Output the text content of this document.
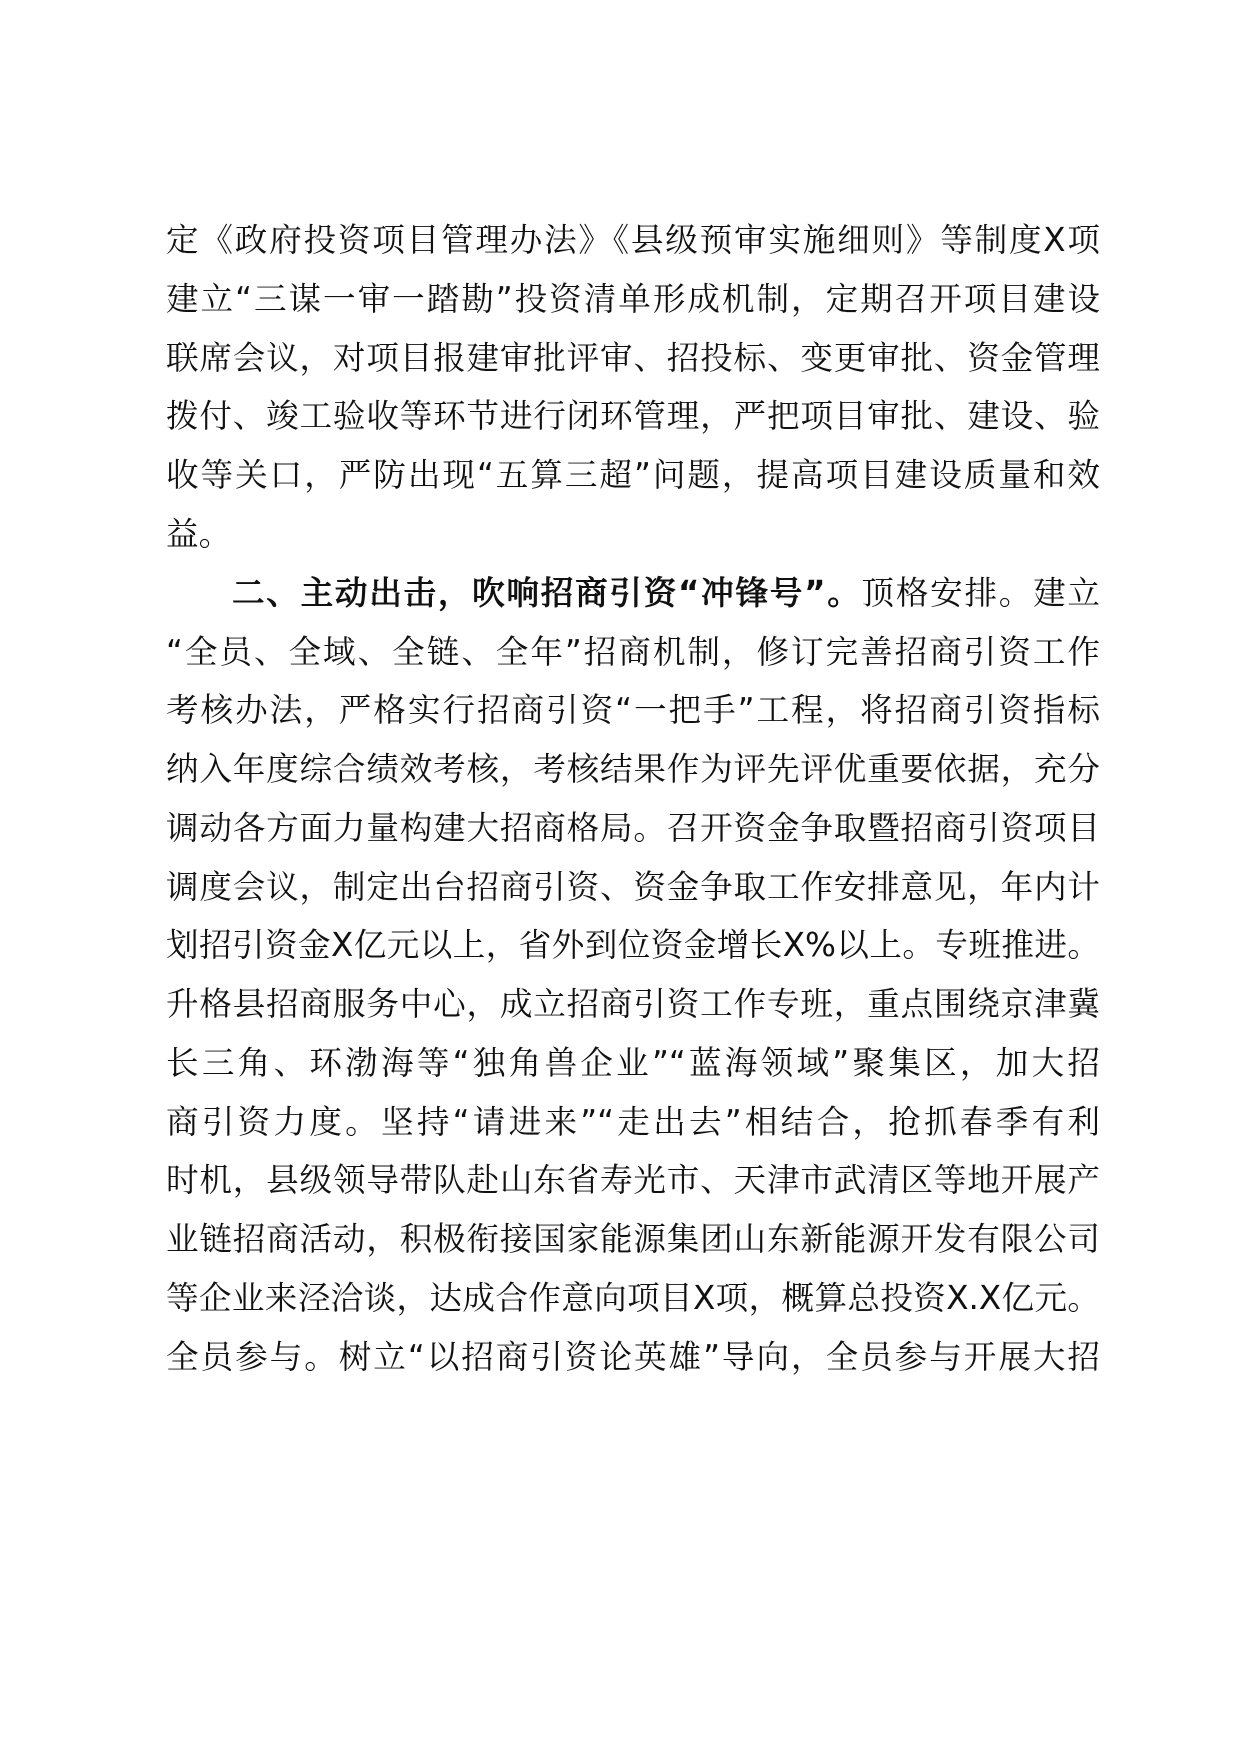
定《政府投资项目管理办法》《县级预审实施细则》等制度X项
建立“三谋一审一踏勘”投资清单形成机制，定期召开项目建设
联席会议，对项目报建审批评审、招投标、变更审批、资金管理
拨付、竣工验收等环节进行闭环管理，严把项目审批、建设、验
收等关口，严防出现“五算三超”问题，提高项目建设质量和效
益。
二、主动出击，吹响招商引资“冲锋号”。顶格安排。建立
“全员、全域、全链、全年”招商机制，修订完善招商引资工作
考核办法，严格实行招商引资“一把手”工程，将招商引资指标
纳入年度综合绩效考核，考核结果作为评先评优重要依据，充分
调动各方面力量构建大招商格局。召开资金争取暨招商引资项目
调度会议，制定出台招商引资、资金争取工作安排意见，年内计
划招引资金X亿元以上，省外到位资金增长X%以上。专班推进。
升格县招商服务中心，成立招商引资工作专班，重点围绕京津冀
长三角、环渤海等“独角兽企业”“蓝海领域”聚集区，加大招
商引资力度。坚持“请进来”“走出去”相结合，抢抓春季有利
时机，县级领导带队赴山东省寿光市、天津市武清区等地开展产
业链招商活动，积极衔接国家能源集团山东新能源开发有限公司
等企业来泾洽谈，达成合作意向项目X项，概算总投资X.X亿元。
全员参与。树立“以招商引资论英雄”导向，全员参与开展大招
